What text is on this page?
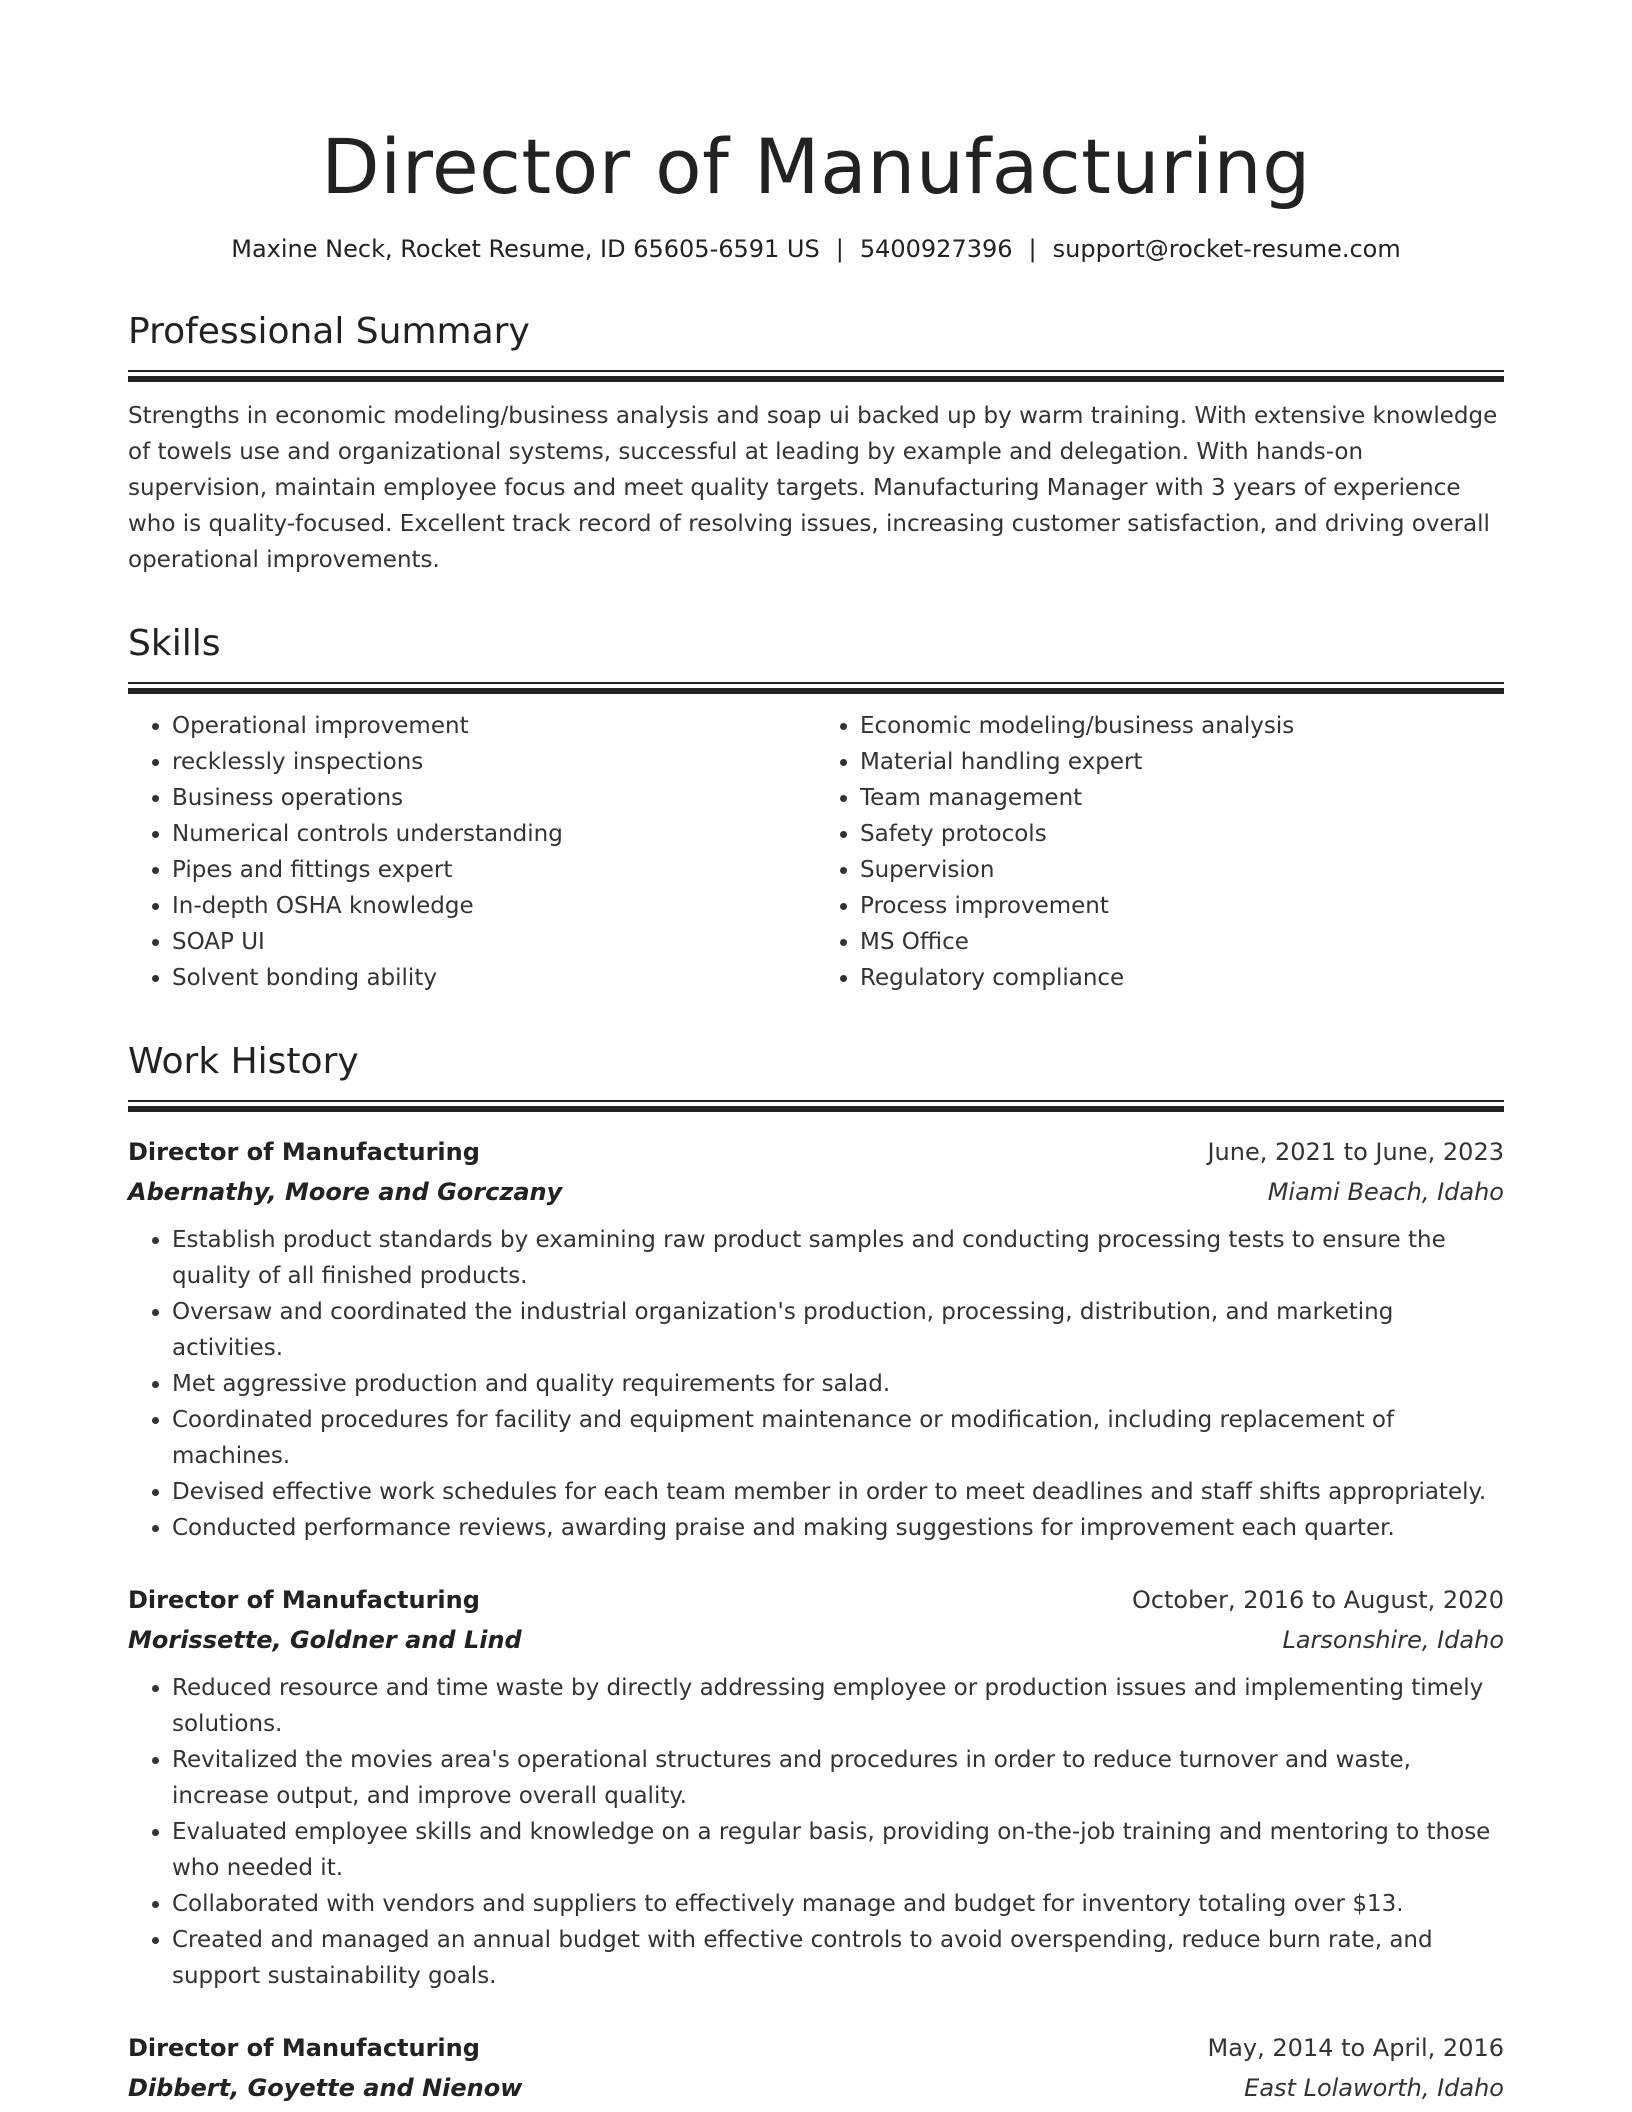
Director of Manufacturing
Maxine Neck, Rocket Resume, ID 65605-6591 US | 5400927396 | support@rocket-resume.com
Professional Summary
Strengths in economic modeling/business analysis and soap ui backed up by warm training. With extensive knowledge of towels use and organizational systems, successful at leading by example and delegation. With hands-on supervision, maintain employee focus and meet quality targets. Manufacturing Manager with 3 years of experience who is quality-focused. Excellent track record of resolving issues, increasing customer satisfaction, and driving overall operational improvements.
Skills
• Operational improvement
• recklessly inspections
• Business operations
• Numerical controls understanding
• Pipes and fittings expert
• In-depth OSHA knowledge
• SOAP UI
• Solvent bonding ability
• Economic modeling/business analysis
• Material handling expert
• Team management
• Safety protocols
• Supervision
• Process improvement
• MS Office
• Regulatory compliance
Work History
Director of Manufacturing	June, 2021 to June, 2023
Abernathy, Moore and Gorczany	Miami Beach, Idaho
• Establish product standards by examining raw product samples and conducting processing tests to ensure the quality of all finished products.
• Oversaw and coordinated the industrial organization's production, processing, distribution, and marketing activities.
• Met aggressive production and quality requirements for salad.
• Coordinated procedures for facility and equipment maintenance or modification, including replacement of machines.
• Devised effective work schedules for each team member in order to meet deadlines and staff shifts appropriately.
• Conducted performance reviews, awarding praise and making suggestions for improvement each quarter.
Director of Manufacturing	October, 2016 to August, 2020
Morissette, Goldner and Lind	Larsonshire, Idaho
• Reduced resource and time waste by directly addressing employee or production issues and implementing timely solutions.
• Revitalized the movies area's operational structures and procedures in order to reduce turnover and waste, increase output, and improve overall quality.
• Evaluated employee skills and knowledge on a regular basis, providing on-the-job training and mentoring to those who needed it.
• Collaborated with vendors and suppliers to effectively manage and budget for inventory totaling over $13.
• Created and managed an annual budget with effective controls to avoid overspending, reduce burn rate, and support sustainability goals.
Director of Manufacturing	May, 2014 to April, 2016
Dibbert, Goyette and Nienow	East Lolaworth, Idaho
